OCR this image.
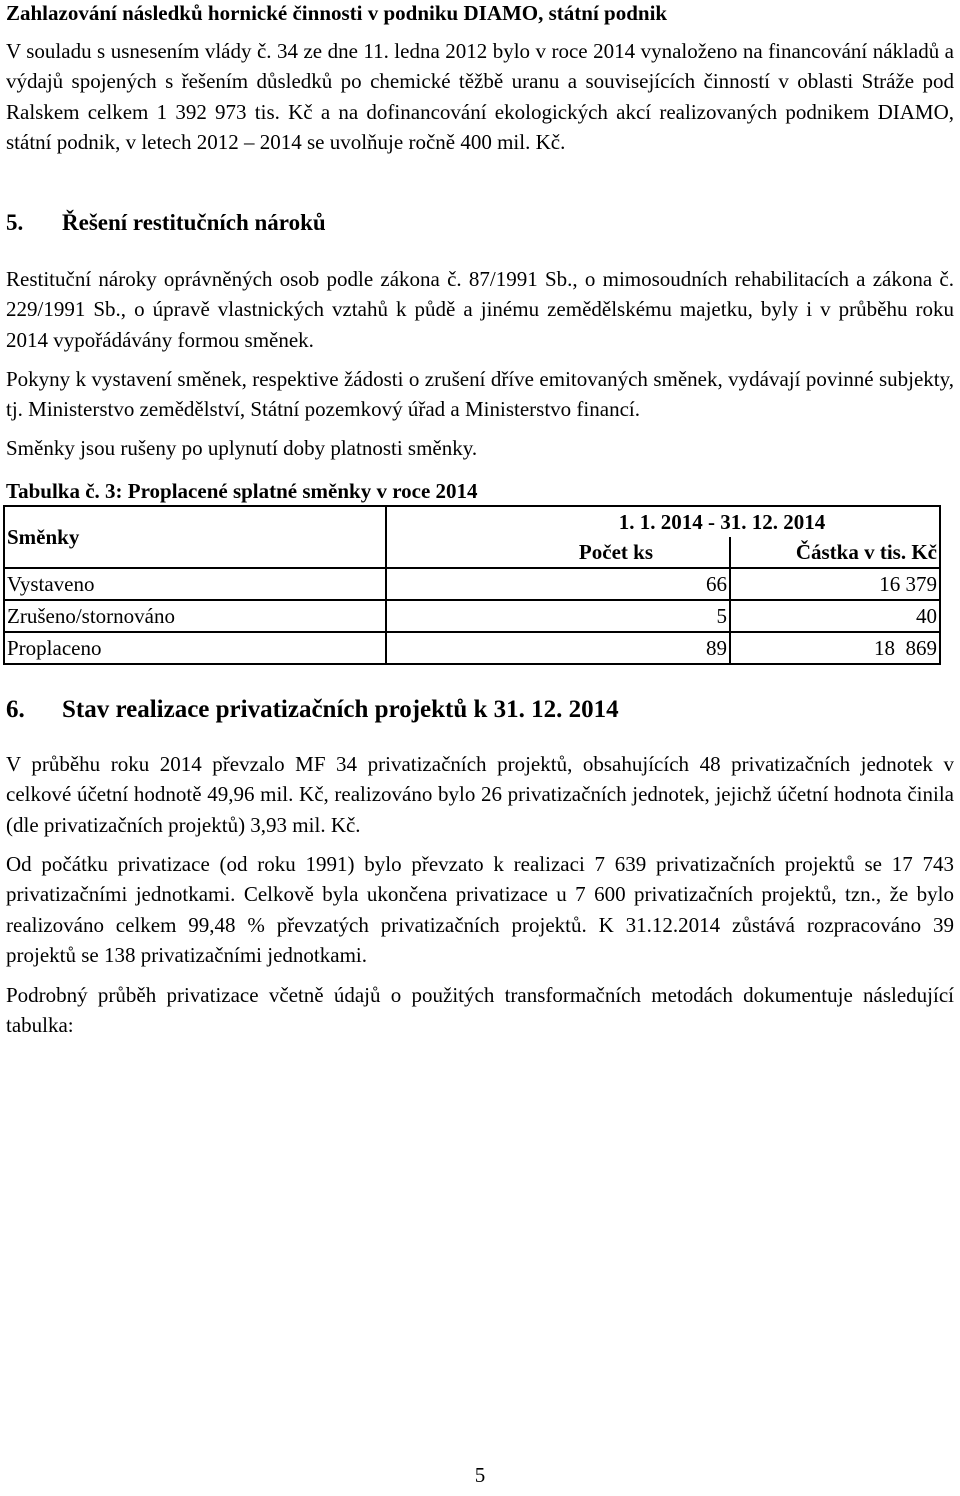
Zahlazování následků hornické činnosti v podniku DIAMO, státní podnik

V souladu s usnesením vlády č. 34 ze dne 11. ledna 2012 bylo v roce 2014 vynaloženo na financování nákladů a výdajů spojených s řešením důsledků po chemické těžbě uranu a souvisejících činností v oblasti Stráže pod Ralskem celkem 1 392 973 tis. Kč a na dofinancování ekologických akcí realizovaných podnikem DIAMO, státní podnik, v letech 2012 – 2014 se uvolňuje ročně 400 mil. Kč.

5. Řešení restitučních nároků

Restituční nároky oprávněných osob podle zákona č. 87/1991 Sb., o mimosoudních rehabilitacích a zákona č. 229/1991 Sb., o úpravě vlastnických vztahů k půdě a jinému zemědělskému majetku, byly i v průběhu roku 2014 vypořádávány formou směnek.

Pokyny k vystavení směnek, respektive žádosti o zrušení dříve emitovaných směnek, vydávají povinné subjekty, tj. Ministerstvo zemědělství, Státní pozemkový úřad a Ministerstvo financí.

Směnky jsou rušeny po uplynutí doby platnosti směnky.

Tabulka č. 3: Proplacené splatné směnky v roce 2014

Směnky	1. 1. 2014 - 31. 12. 2014	
	Počet ks	Částka v tis. Kč
Vystaveno	66	16 379
Zrušeno/stornováno	5	40
Proplaceno	89	18  869
6. Stav realizace privatizačních projektů k 31. 12. 2014

V průběhu roku 2014 převzalo MF 34 privatizačních projektů, obsahujících 48 privatizačních jednotek v celkové účetní hodnotě 49,96 mil. Kč, realizováno bylo 26 privatizačních jednotek, jejichž účetní hodnota činila (dle privatizačních projektů) 3,93 mil. Kč.

Od počátku privatizace (od roku 1991) bylo převzato k realizaci 7 639 privatizačních projektů se 17 743 privatizačními jednotkami. Celkově byla ukončena privatizace u 7 600 privatizačních projektů, tzn., že bylo realizováno celkem 99,48 % převzatých privatizačních projektů. K 31.12.2014 zůstává rozpracováno 39 projektů se 138 privatizačními jednotkami.

Podrobný průběh privatizace včetně údajů o použitých transformačních metodách dokumentuje následující tabulka:

5
